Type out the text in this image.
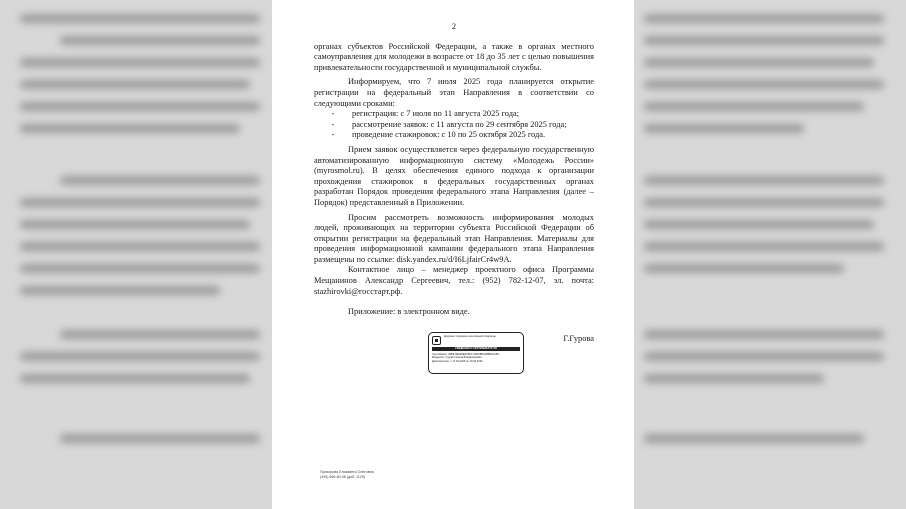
2

органах субъектов Российской Федерации, а также в органах местного самоуправления для молодежи в возрасте от 18 до 35 лет с целью повышения привлекательности государственной и муниципальной службы.

Информируем, что 7 июля 2025 года планируется открытие регистрации на федеральный этап Направления в соответствии со следующими сроками:

- регистрация: с 7 июля по 11 августа 2025 года;
- рассмотрение заявок: с 11 августа по 29 сентября 2025 года;
- проведение стажировок: с 10 по 25 октября 2025 года.

Прием заявок осуществляется через федеральную государственную автоматизированную информационную систему «Молодежь России» (myrosmol.ru). В целях обеспечения единого подхода к организации прохождения стажировок в федеральных государственных органах разработан Порядок проведения федерального этапа Направления (далее – Порядок) представленный в Приложении.

Просим рассмотреть возможность информирования молодых людей, проживающих на территории субъекта Российской Федерации об открытии регистрации на федеральный этап Направления. Материалы для проведения информационной кампании федерального этапа Направления размещены по ссылке: disk.yandex.ru/d/I6LjfairCr4w9A.

Контактное лицо – менеджер проектного офиса Программы Мещанинов Александр Сергеевич, тел.: (952) 782-12-07, эл. почта: stazhirovki@госстарт.рф.

Приложение: в электронном виде.

Документ подписан электронной подписью
СВЕДЕНИЯ О СЕРТИФИКАТЕ ЭП
Сертификат: 00BE 8E6F8E5C80C 0DF6BDA98BF6A4B1
Владелец: Гурова Галина Владимировна
Действителен: с 17.03.2025 по 10.06.2026
Г.Гурова
Прохорова Елизавета Олеговна
(495) 668-80-08 (доб. 1125)
